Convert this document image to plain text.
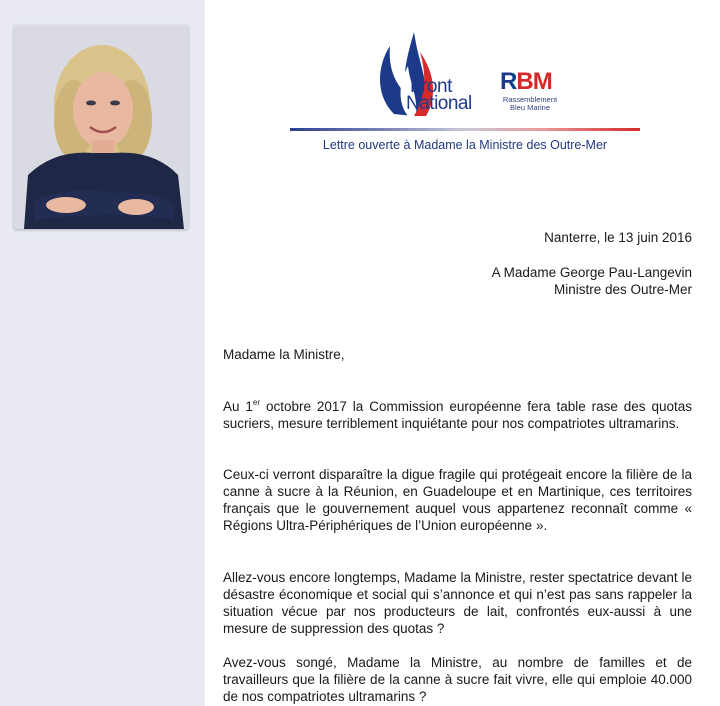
Front
National
RBM
Rassemblement
Bleu Marine
Lettre ouverte à Madame la Ministre des Outre-Mer
Nanterre, le 13 juin 2016
A Madame George Pau-Langevin
Ministre des Outre-Mer
Madame la Ministre,

Au 1er octobre 2017 la Commission européenne fera table rase des quotas sucriers, mesure terriblement inquiétante pour nos compatriotes ultramarins.

Ceux-ci verront disparaître la digue fragile qui protégeait encore la filière de la canne à sucre à la Réunion, en Guadeloupe et en Martinique, ces territoires français que le gouvernement auquel vous appartenez reconnaît comme « Régions Ultra-Périphériques de l’Union européenne ».

Allez-vous encore longtemps, Madame la Ministre, rester spectatrice devant le désastre économique et social qui s’annonce et qui n’est pas sans rappeler la situation vécue par nos producteurs de lait, confrontés eux-aussi à une mesure de suppression des quotas ?

Avez-vous songé, Madame la Ministre, au nombre de familles et de travailleurs que la filière de la canne à sucre fait vivre, elle qui emploie 40.000 de nos compatriotes ultramarins ?
